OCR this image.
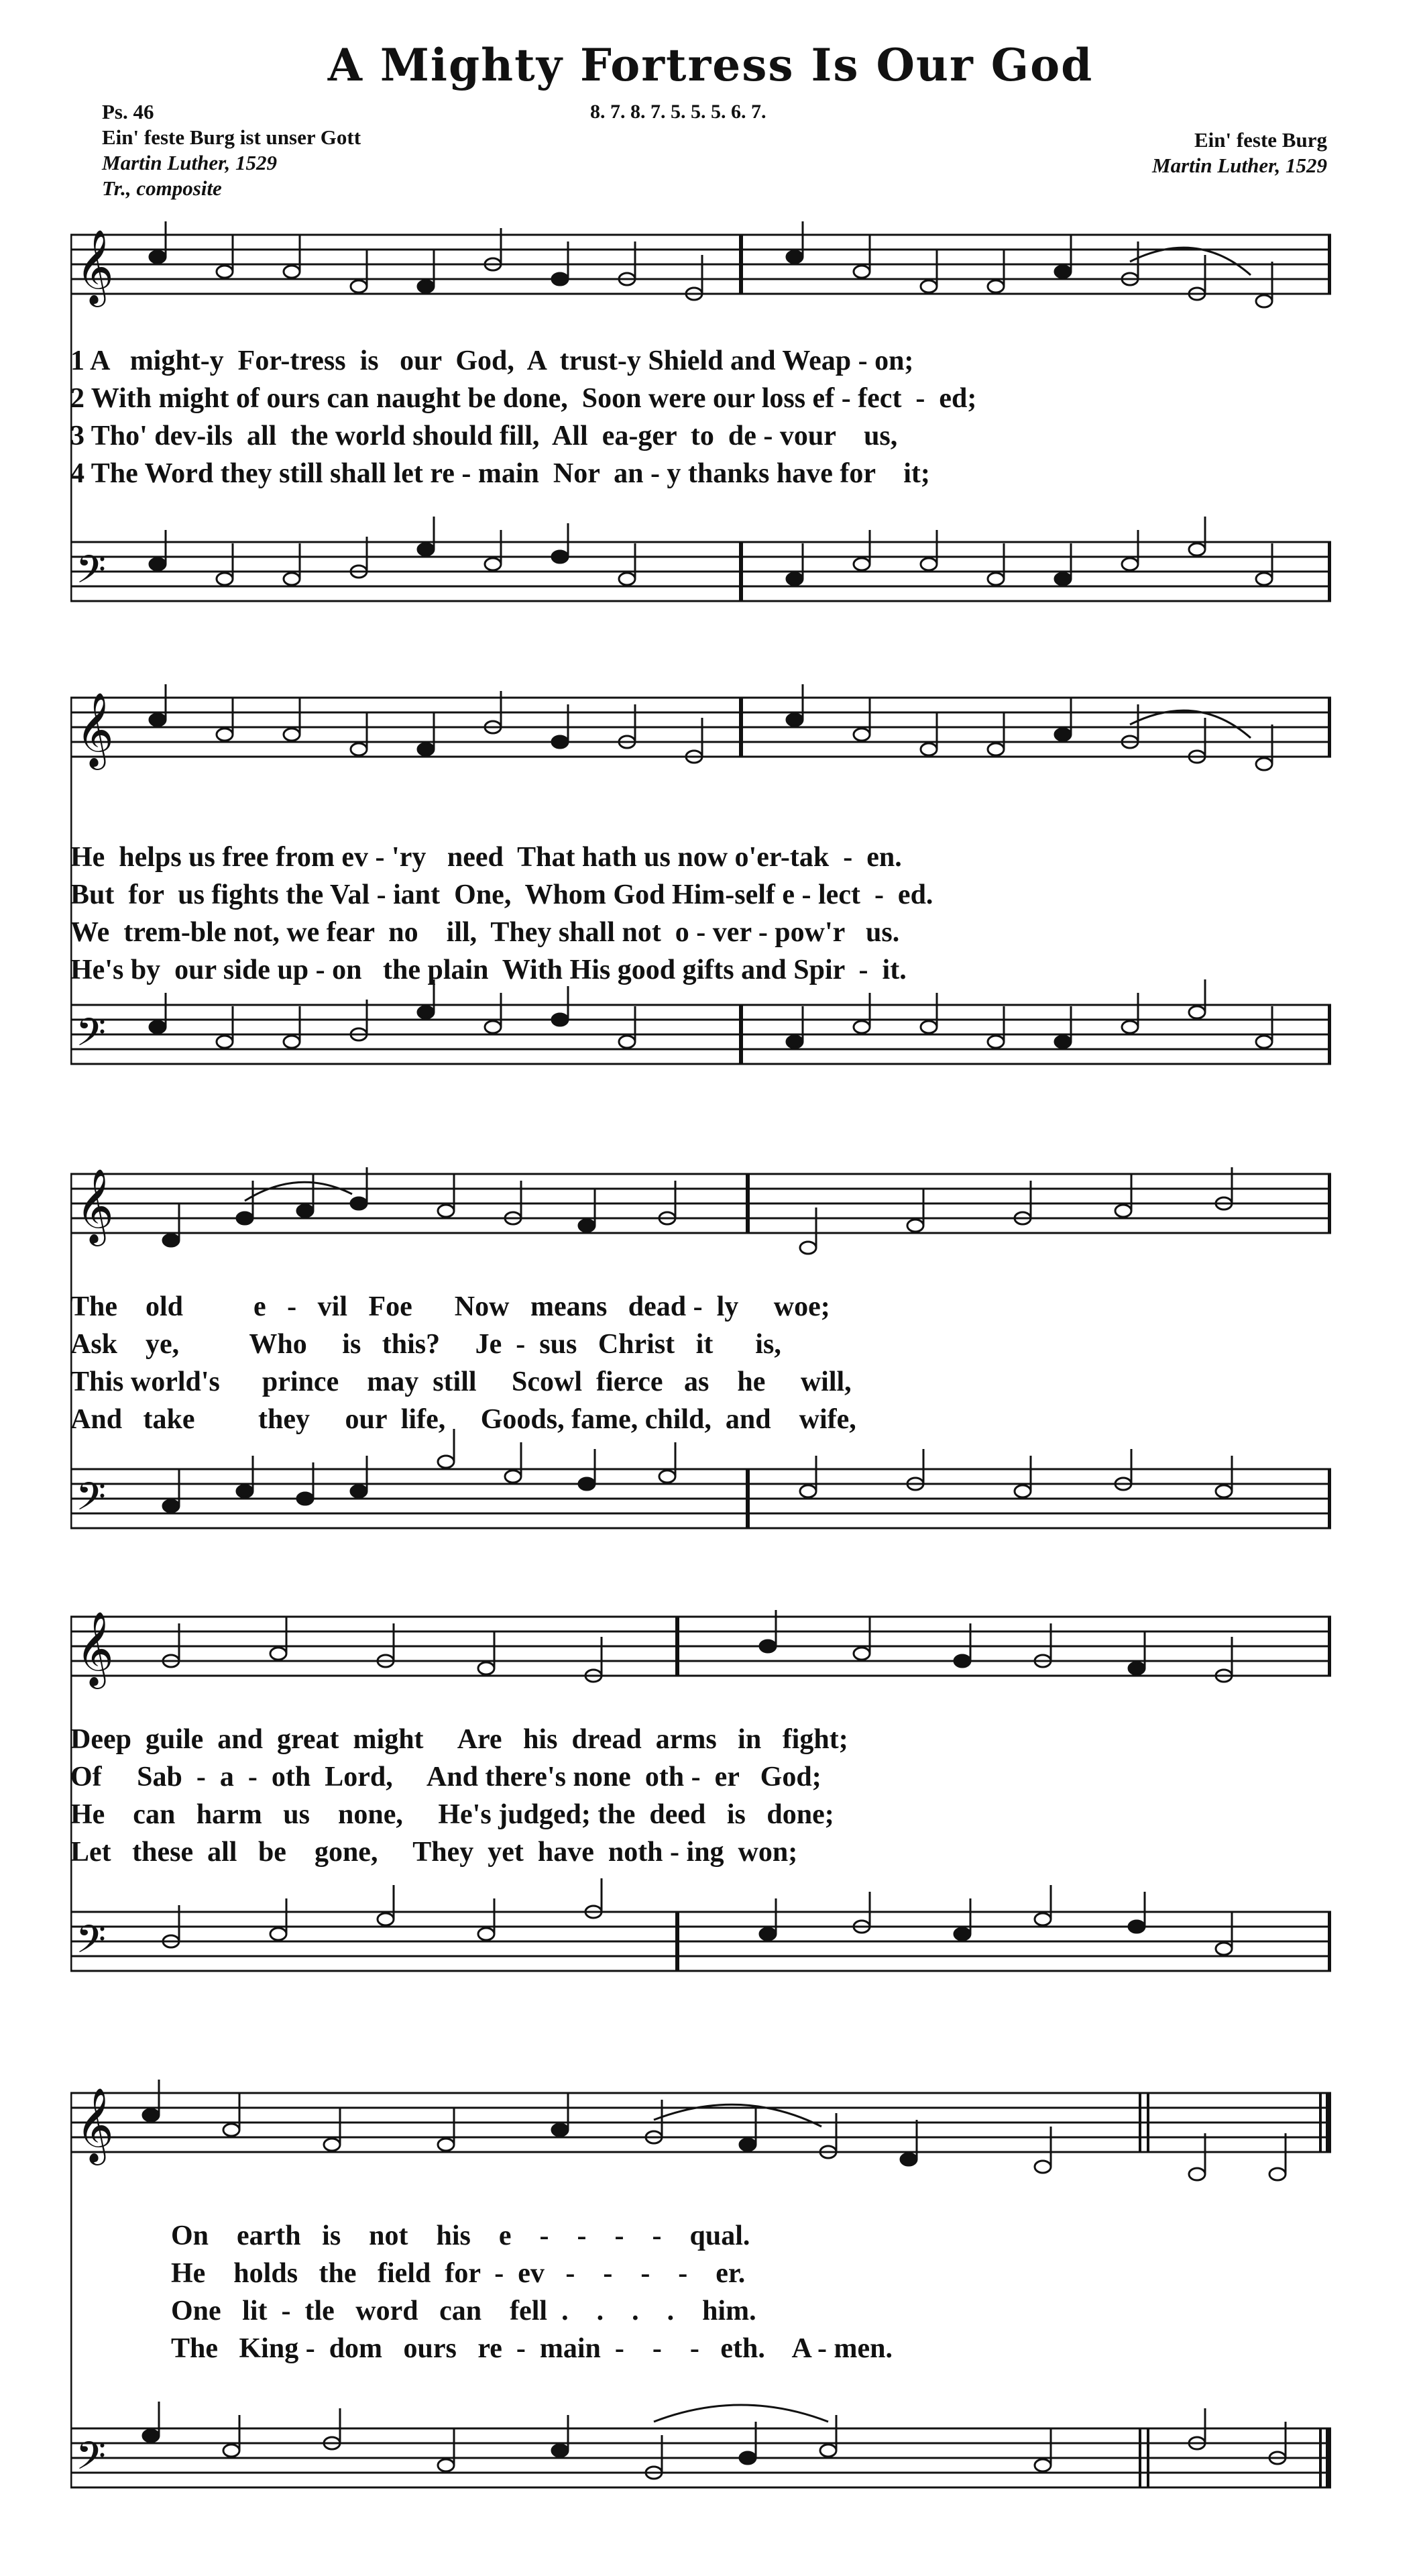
A Mighty Fortress Is Our God
Ps. 46
Ein' feste Burg ist unser Gott
Martin Luther, 1529
Tr., composite
8. 7. 8. 7. 5. 5. 5. 6. 7.
Ein' feste Burg
Martin Luther, 1529
𝄞
𝄢
1 A   might-y  For-tress  is   our  God,  A  trust-y Shield and Weap - on;
2 With might of ours can naught be done,  Soon were our loss ef - fect  -  ed;
3 Tho' dev-ils  all  the world should fill,  All  ea-ger  to  de - vour    us,
4 The Word they still shall let re - main  Nor  an - y thanks have for    it;
𝄞
𝄢
He  helps us free from ev - 'ry   need  That hath us now o'er-tak  -  en.
But  for  us fights the Val - iant  One,  Whom God Him-self e - lect  -  ed.
We  trem-ble not, we fear  no    ill,  They shall not  o - ver - pow'r   us.
He's by  our side up - on   the plain  With His good gifts and Spir  -  it.
𝄞
𝄢
The    old          e   -   vil   Foe      Now   means   dead -  ly     woe;
Ask    ye,          Who     is   this?     Je  -  sus   Christ   it      is,
This world's      prince    may  still     Scowl  fierce   as    he     will,
And   take         they     our  life,     Goods, fame, child,  and    wife,
𝄞
𝄢
Deep  guile  and  great  might     Are   his  dread  arms   in   fight;
Of     Sab  -  a  -  oth  Lord,     And there's none  oth -  er   God;
He    can   harm   us    none,     He's judged; the  deed   is   done;
Let   these  all   be    gone,     They  yet  have  noth - ing  won;
𝄞
𝄢
On    earth   is    not    his    e    -    -    -    -    qual.
He    holds   the   field  for  -  ev   -    -    -    -    er.
One   lit  -  tle   word   can    fell  .    .    .    .    him.
The   King -  dom   ours   re  -  main  -    -    -   eth.    A - men.
